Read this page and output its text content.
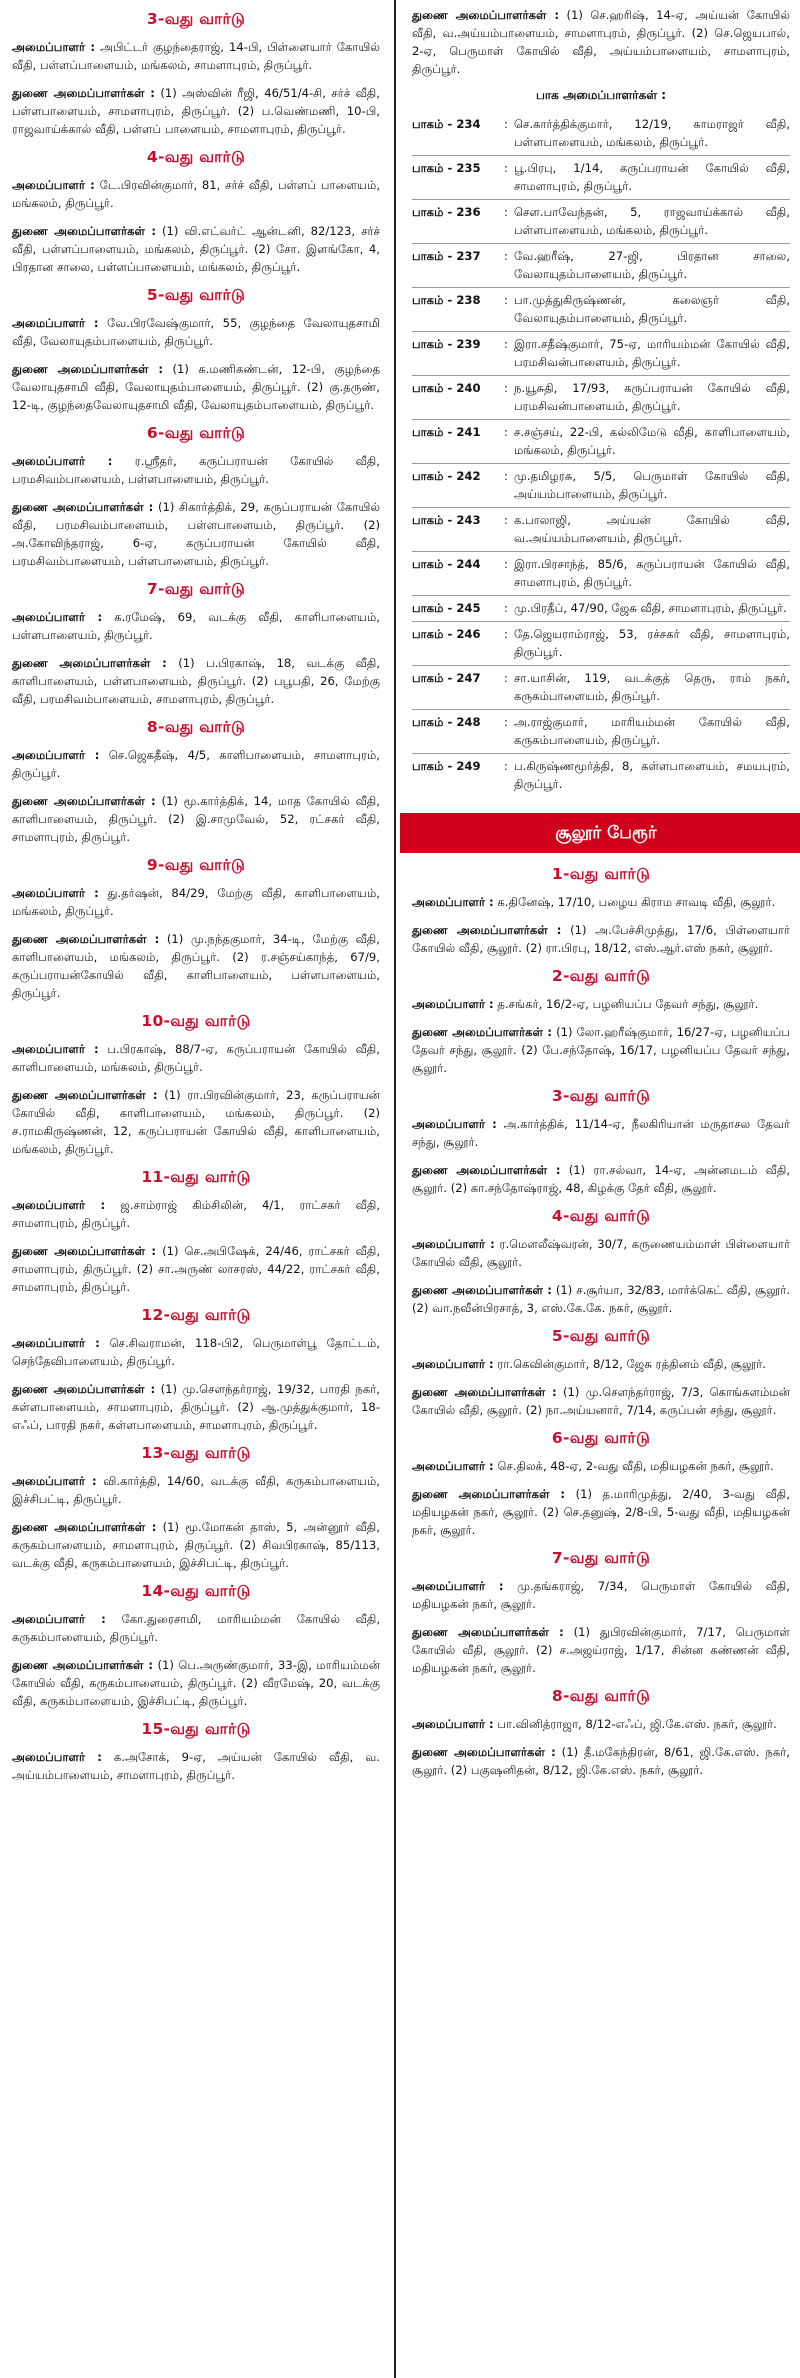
3-வது வார்டு
அமைப்பாளர் : அபிட்டர் குழந்தைராஜ், 14-பி, பிள்ளையார் கோயில் வீதி, பள்ளப்பாளையம், மங்கலம், சாமளாபுரம், திருப்பூர்.
துணை அமைப்பாளர்கள் : (1) அஸ்வின் ரீஜி, 46/51/4-சி, சர்ச் வீதி, பள்ளபாளையம், சாமளாபுரம், திருப்பூர். (2) ப.வெண்மணி, 10-பி, ராஜவாய்க்கால் வீதி, பள்ளப் பாளையம், சாமளாபுரம், திருப்பூர்.
4-வது வார்டு
அமைப்பாளர் : டே.பிரவின்குமார், 81, சர்ச் வீதி, பள்ளப் பாளையம், மங்கலம், திருப்பூர்.
துணை அமைப்பாளர்கள் : (1) வி.எட்வர்ட் ஆன்டனி, 82/123, சர்ச் வீதி, பள்ளப்பாளையம், மங்கலம், திருப்பூர். (2) சோ. இளங்கோ, 4, பிரதான சாலை, பள்ளப்பாளையம், மங்கலம், திருப்பூர்.
5-வது வார்டு
அமைப்பாளர் : வே.பிரவேஷ்குமார், 55, குழந்தை வேலாயுதசாமி வீதி, வேலாயுதம்பாளையம், திருப்பூர்.
துணை அமைப்பாளர்கள் : (1) க.மணிகண்டன், 12-பி, குழந்தை வேலாயுதசாமி வீதி, வேலாயுதம்பாளையம், திருப்பூர். (2) கு.தருண், 12-டி, குழந்தைவேலாயுதசாமி வீதி, வேலாயுதம்பாளையம், திருப்பூர்.
6-வது வார்டு
அமைப்பாளர் : ர.ஸ்ரீதர், கருப்பராயன் கோயில் வீதி, பரமசிவம்பாளையம், பள்ளபாளையம், திருப்பூர்.
துணை அமைப்பாளர்கள் : (1) சிகார்த்திக், 29, கருப்பராயன் கோயில் வீதி, பரமசிவம்பாளையம், பள்ளபாளையம், திருப்பூர். (2) அ.கோவிந்தராஜ், 6-ஏ, கருப்பராயன் கோயில் வீதி, பரமசிவம்பாளையம், பள்ளபாளையம், திருப்பூர்.
7-வது வார்டு
அமைப்பாளர் : க.ரமேஷ், 69, வடக்கு வீதி, காளிபாளையம், பள்ளபாளையம், திருப்பூர்.
துணை அமைப்பாளர்கள் : (1) ப.பிரகாஷ், 18, வடக்கு வீதி, காளிபாளையம், பள்ளபாளையம், திருப்பூர். (2) பபூபதி, 26, மேற்கு வீதி, பரமசிவம்பாளையம், சாமளாபுரம், திருப்பூர்.
8-வது வார்டு
அமைப்பாளர் : செ.ஜெகதீஷ், 4/5, காளிபாளையம், சாமளாபுரம், திருப்பூர்.
துணை அமைப்பாளர்கள் : (1) மூ.கார்த்திக், 14, மாத கோயில் வீதி, காளிபாளையம், திருப்பூர். (2) இ.சாமுவேல், 52, ரட்சகர் வீதி, சாமளாபுரம், திருப்பூர்.
9-வது வார்டு
அமைப்பாளர் : து.தர்ஷன், 84/29, மேற்கு வீதி, காளிபாளையம், மங்கலம், திருப்பூர்.
துணை அமைப்பாளர்கள் : (1) மு.நந்தகுமார், 34-டி, மேற்கு வீதி, காளிபாளையம், மங்கலம், திருப்பூர். (2) ர.சஞ்சய்காந்த், 67/9, கருப்பராயன்கோயில் வீதி, காளிபாளையம், பள்ளபாளையம், திருப்பூர்.
10-வது வார்டு
அமைப்பாளர் : ப.பிரகாஷ், 88/7-ஏ, கருப்பராயன் கோயில் வீதி, காளிபாளையம், மங்கலம், திருப்பூர்.
துணை அமைப்பாளர்கள் : (1) ரா.பிரவின்குமார், 23, கருப்பராயன் கோயில் வீதி, காளிபாளையம், மங்கலம், திருப்பூர். (2) ச.ராமகிருஷ்ணன், 12, கருப்பராயன் கோயில் வீதி, காளிபாளையம், மங்கலம், திருப்பூர்.
11-வது வார்டு
அமைப்பாளர் : ஜ.சாம்ராஜ் கிம்சிலின், 4/1, ராட்சகர் வீதி, சாமளாபுரம், திருப்பூர்.
துணை அமைப்பாளர்கள் : (1) செ.அபிஷேக், 24/46, ராட்சகர் வீதி, சாமளாபுரம், திருப்பூர். (2) சா.அருண் லாசரஸ், 44/22, ராட்சகர் வீதி, சாமளாபுரம், திருப்பூர்.
12-வது வார்டு
அமைப்பாளர் : செ.சிவராமன், 118-பி2, பெருமாள்பூ தோட்டம், செந்தேவிபாளையம், திருப்பூர்.
துணை அமைப்பாளர்கள் : (1) மு.சௌந்தர்ராஜ், 19/32, பாரதி நகர், கள்ளபாளையம், சாமளாபுரம், திருப்பூர். (2) ஆ.முத்துக்குமார், 18-எஃப், பாரதி நகர், கள்ளபாளையம், சாமளாபுரம், திருப்பூர்.
13-வது வார்டு
அமைப்பாளர் : வி.கார்த்தி, 14/60, வடக்கு வீதி, கருகம்பாளையம், இச்சிபட்டி, திருப்பூர்.
துணை அமைப்பாளர்கள் : (1) மூ.மோகன் தாஸ், 5, அன்னூர் வீதி, கருகம்பாளையம், சாமளாபுரம், திருப்பூர். (2) சிவபிரகாஷ், 85/113, வடக்கு வீதி, கருகம்பாளையம், இச்சிபட்டி, திருப்பூர்.
14-வது வார்டு
அமைப்பாளர் : கோ.துரைசாமி, மாரியம்மன் கோயில் வீதி, கருகம்பாளையம், திருப்பூர்.
துணை அமைப்பாளர்கள் : (1) பெ.அருண்குமார், 33-இ, மாரியம்மன் கோயில் வீதி, கருகம்பாளையம், திருப்பூர். (2) வீரமேஷ், 20, வடக்கு வீதி, கருகம்பாளையம், இச்சிபட்டி, திருப்பூர்.
15-வது வார்டு
அமைப்பாளர் : க.அசோக், 9-ஏ, அய்யன் கோயில் வீதி, வ. அய்யம்பாளையம், சாமளாபுரம், திருப்பூர்.
துணை அமைப்பாளர்கள் : (1) செ.ஹரிஷ், 14-ஏ, அய்யன் கோயில் வீதி, வ.அய்யம்பாளையம், சாமளாபுரம், திருப்பூர். (2) செ.ஜெயபால், 2-ஏ, பெருமாள் கோயில் வீதி, அய்யம்பாளையம், சாமளாபுரம், திருப்பூர்.
பாக அமைப்பாளர்கள் :
பாகம் - 234	: செ.கார்த்திக்குமார், 12/19, காமராஜர் வீதி, பள்ளபாளையம், மங்கலம், திருப்பூர்.
பாகம் - 235	: பூ.பிரபு, 1/14, கருப்பராயன் கோயில் வீதி, சாமளாபுரம், திருப்பூர்.
பாகம் - 236	: சௌ.பாவேந்தன், 5, ராஜவாய்க்கால் வீதி, பள்ளபாளையம், மங்கலம், திருப்பூர்.
பாகம் - 237	: வே.ஹரீஷ், 27-ஜி, பிரதான சாலை, வேலாயுதம்பாளையம், திருப்பூர்.
பாகம் - 238	: பா.முத்துகிருஷ்ணன், கலைஞர் வீதி, வேலாயுதம்பாளையம், திருப்பூர்.
பாகம் - 239	: இரா.சதீஷ்குமார், 75-ஏ, மாரியம்மன் கோயில் வீதி, பரமசிவன்பாளையம், திருப்பூர்.
பாகம் - 240	: ந.யூசுதி, 17/93, கருப்பராயன் கோயில் வீதி, பரமசிவன்பாளையம், திருப்பூர்.
பாகம் - 241	: ச.சஞ்சய், 22-பி, கல்லிமேடு வீதி, காளிபாளையம், மங்கலம், திருப்பூர்.
பாகம் - 242	: மு.தமிழரசு, 5/5, பெருமாள் கோயில் வீதி, அய்யம்பாளையம், திருப்பூர்.
பாகம் - 243	: க.பாலாஜி, அய்யன் கோயில் வீதி, வ.அய்யம்பாளையம், திருப்பூர்.
பாகம் - 244	: இரா.பிரசாந்த், 85/6, கருப்பராயன் கோயில் வீதி, சாமளாபுரம், திருப்பூர்.
பாகம் - 245	: மு.பிரதீப், 47/90, ஜேசு வீதி, சாமளாபுரம், திருப்பூர்.
பாகம் - 246	: தே.ஜெயராம்ராஜ், 53, ரச்சகர் வீதி, சாமளாபுரம், திருப்பூர்.
பாகம் - 247	: சா.யாசின், 119, வடக்குத் தெரு, ராம் நகர், கருகம்பாளையம், திருப்பூர்.
பாகம் - 248	: அ.ராஜ்குமார், மாரியம்மன் கோயில் வீதி, கருகம்பாளையம், திருப்பூர்.
பாகம் - 249	: ப.கிருஷ்ணமூர்த்தி, 8, கள்ளபாளையம், சமயபுரம், திருப்பூர்.
சூலூர் பேரூர்
1-வது வார்டு
அமைப்பாளர் : க.தினேஷ், 17/10, பழைய கிராம சாவடி வீதி, சூலூர்.
துணை அமைப்பாளர்கள் : (1) அ.பேச்சிமுத்து, 17/6, பிள்ளையார் கோயில் வீதி, சூலூர். (2) ரா.பிரபு, 18/12, எஸ்.ஆர்.எஸ் நகர், சூலூர்.
2-வது வார்டு
அமைப்பாளர் : த.சங்கர், 16/2-ஏ, பழனியப்ப தேவர் சந்து, சூலூர்.
துணை அமைப்பாளர்கள் : (1) லோ.ஹரீஷ்குமார், 16/27-ஏ, பழனியப்ப தேவர் சந்து, சூலூர். (2) பே.சந்தோஷ், 16/17, பழனியப்ப தேவர் சந்து, சூலூர்.
3-வது வார்டு
அமைப்பாளர் : அ.கார்த்திக், 11/14-ஏ, நீலகிரியான் மருதாசல தேவர் சந்து, சூலூர்.
துணை அமைப்பாளர்கள் : (1) ரா.சல்வா, 14-ஏ, அன்னமடம் வீதி, சூலூர். (2) கா.சந்தோஷ்ராஜ், 48, கிழக்கு தேர் வீதி, சூலூர்.
4-வது வார்டு
அமைப்பாளர் : ர.மெளலீஷ்வரன், 30/7, கருணையம்மாள் பிள்ளையார் கோயில் வீதி, சூலூர்.
துணை அமைப்பாளர்கள் : (1) ச.சூர்யா, 32/83, மார்க்கெட் வீதி, சூலூர். (2) வா.நவீன்பிரசாத், 3, எஸ்.கே.கே. நகர், சூலூர்.
5-வது வார்டு
அமைப்பாளர் : ரா.கெவின்குமார், 8/12, ஜேசு ரத்தினம் வீதி, சூலூர்.
துணை அமைப்பாளர்கள் : (1) மு.சௌந்தர்ராஜ், 7/3, கொங்களம்மன் கோயில் வீதி, சூலூர். (2) நா.அய்யனார், 7/14, கருப்பன் சந்து, சூலூர்.
6-வது வார்டு
அமைப்பாளர் : செ.திலக், 48-ஏ, 2-வது வீதி, மதியழகன் நகர், சூலூர்.
துணை அமைப்பாளர்கள் : (1) த.மாரிமுத்து, 2/40, 3-வது வீதி, மதியழகன் நகர், சூலூர். (2) செ.தனுஷ், 2/8-பி, 5-வது வீதி, மதியழகன் நகர், சூலூர்.
7-வது வார்டு
அமைப்பாளர் : மு.தங்கராஜ், 7/34, பெருமாள் கோயில் வீதி, மதியழகன் நகர், சூலூர்.
துணை அமைப்பாளர்கள் : (1) துபிரவின்குமார், 7/17, பெருமாள் கோயில் வீதி, சூலூர். (2) ச.அஜய்ராஜ், 1/17, சின்ன கண்ணன் வீதி, மதியழகன் நகர், சூலூர்.
8-வது வார்டு
அமைப்பாளர் : பா.வினித்ராஜா, 8/12-எஃப், ஜி.கே.எஸ். நகர், சூலூர்.
துணை அமைப்பாளர்கள் : (1) தீ.மகேந்திரன், 8/61, ஜி.கே.எஸ். நகர், சூலூர். (2) பகுஷனிதன், 8/12, ஜி.கே.எஸ். நகர், சூலூர்.
